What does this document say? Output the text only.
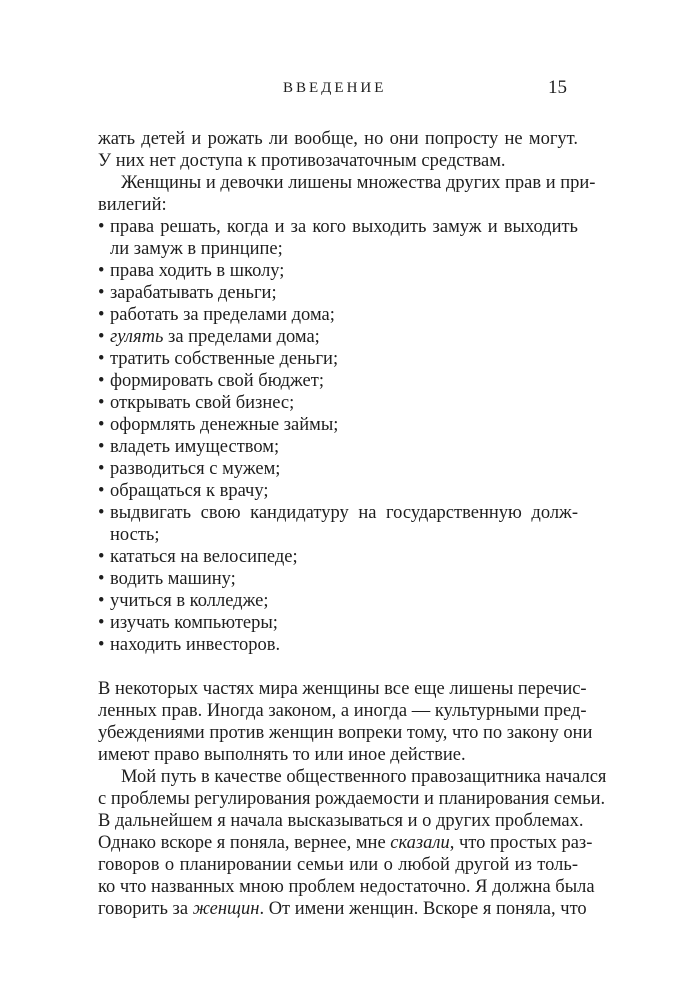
ВВЕДЕНИЕ	15
жать детей и рожать ли вообще, но они попросту не могут.
У них нет доступа к противозачаточным средствам.
Женщины и девочки лишены множества других прав и при-
вилегий:
• права решать, когда и за кого выходить замуж и выходить
ли замуж в принципе;
• права ходить в школу;
• зарабатывать деньги;
• работать за пределами дома;
• гулять за пределами дома;
• тратить собственные деньги;
• формировать свой бюджет;
• открывать свой бизнес;
• оформлять денежные займы;
• владеть имуществом;
• разводиться с мужем;
• обращаться к врачу;
• выдвигать свою кандидатуру на государственную долж-
ность;
• кататься на велосипеде;
• водить машину;
• учиться в колледже;
• изучать компьютеры;
• находить инвесторов.
В некоторых частях мира женщины все еще лишены перечис-
ленных прав. Иногда законом, а иногда — культурными пред-
убеждениями против женщин вопреки тому, что по закону они
имеют право выполнять то или иное действие.
Мой путь в качестве общественного правозащитника начался
с проблемы регулирования рождаемости и планирования семьи.
В дальнейшем я начала высказываться и о других проблемах.
Однако вскоре я поняла, вернее, мне сказали, что простых раз-
говоров о планировании семьи или о любой другой из толь-
ко что названных мною проблем недостаточно. Я должна была
говорить за женщин. От имени женщин. Вскоре я поняла, что
